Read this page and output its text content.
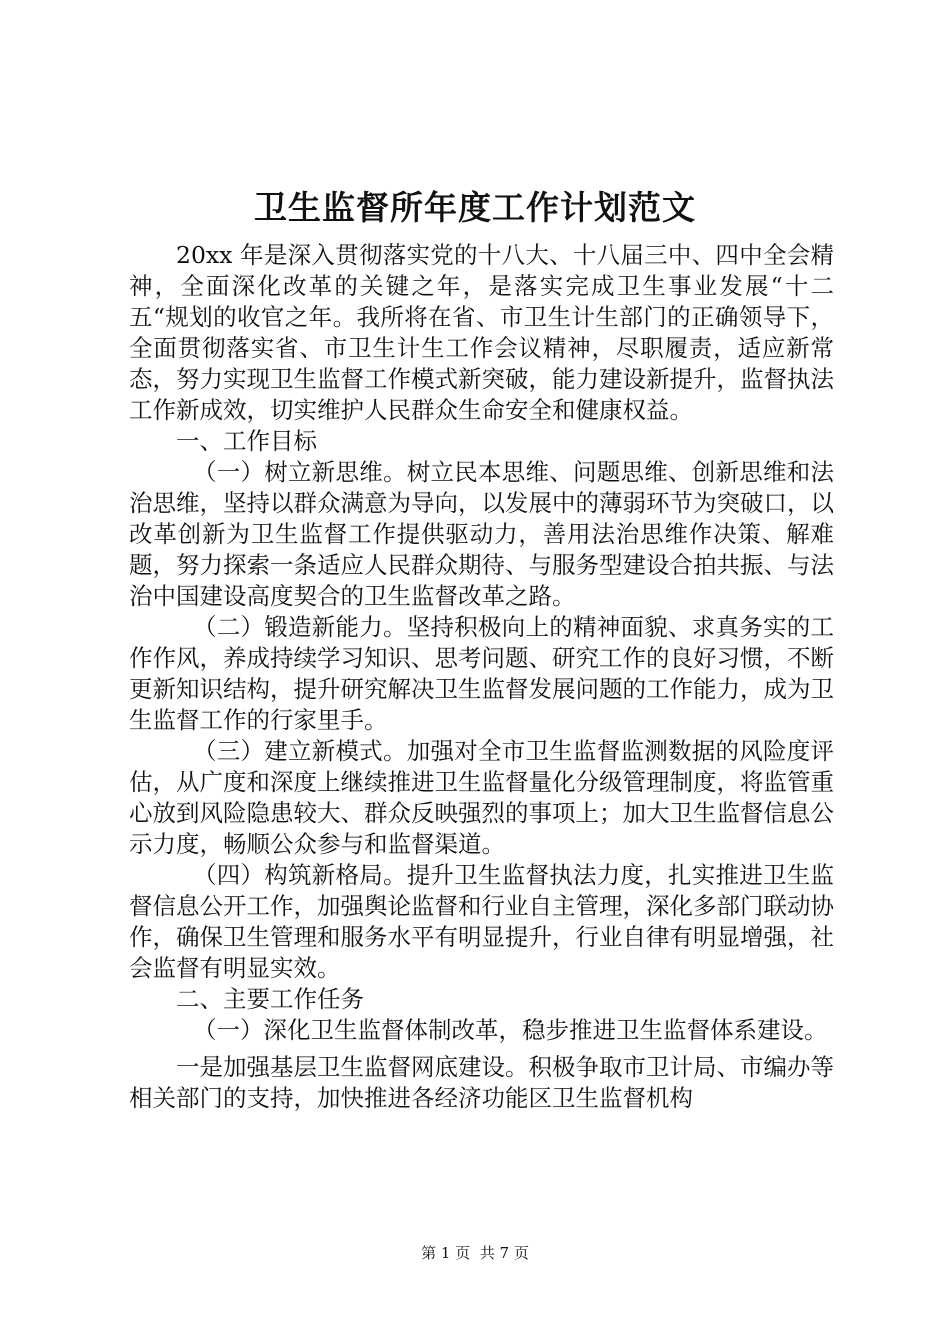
卫生监督所年度工作计划范文

20xx 年是深入贯彻落实党的十八大、十八届三中、四中全会精神，全面深化改革的关键之年，是落实完成卫生事业发展“十二五“规划的收官之年。我所将在省、市卫生计生部门的正确领导下，全面贯彻落实省、市卫生计生工作会议精神，尽职履责，适应新常态，努力实现卫生监督工作模式新突破，能力建设新提升，监督执法工作新成效，切实维护人民群众生命安全和健康权益。

一、工作目标

（一）树立新思维。树立民本思维、问题思维、创新思维和法治思维，坚持以群众满意为导向，以发展中的薄弱环节为突破口，以改革创新为卫生监督工作提供驱动力，善用法治思维作决策、解难题，努力探索一条适应人民群众期待、与服务型建设合拍共振、与法治中国建设高度契合的卫生监督改革之路。

（二）锻造新能力。坚持积极向上的精神面貌、求真务实的工作作风，养成持续学习知识、思考问题、研究工作的良好习惯，不断更新知识结构，提升研究解决卫生监督发展问题的工作能力，成为卫生监督工作的行家里手。

（三）建立新模式。加强对全市卫生监督监测数据的风险度评估，从广度和深度上继续推进卫生监督量化分级管理制度，将监管重心放到风险隐患较大、群众反映强烈的事项上；加大卫生监督信息公示力度，畅顺公众参与和监督渠道。

（四）构筑新格局。提升卫生监督执法力度，扎实推进卫生监督信息公开工作，加强舆论监督和行业自主管理，深化多部门联动协作，确保卫生管理和服务水平有明显提升，行业自律有明显增强，社会监督有明显实效。

二、主要工作任务

（一）深化卫生监督体制改革，稳步推进卫生监督体系建设。

一是加强基层卫生监督网底建设。积极争取市卫计局、市编办等相关部门的支持，加快推进各经济功能区卫生监督机构

第 1 页  共 7 页
